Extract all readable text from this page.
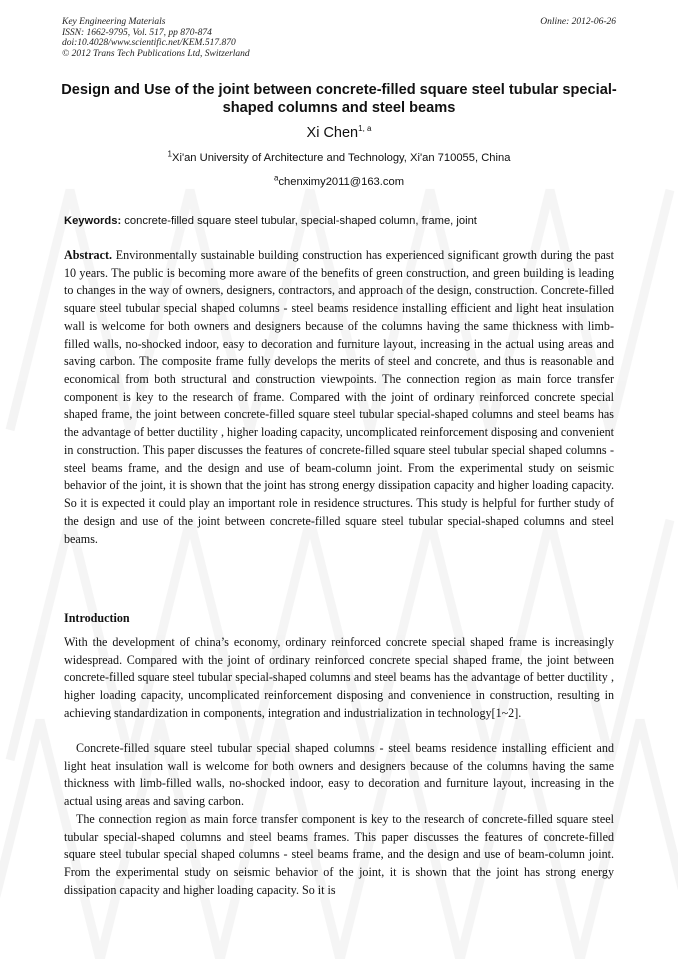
Key Engineering Materials
ISSN: 1662-9795, Vol. 517, pp 870-874
doi:10.4028/www.scientific.net/KEM.517.870
© 2012 Trans Tech Publications Ltd, Switzerland
Online: 2012-06-26
Design and Use of the joint between concrete-filled square steel tubular special-shaped columns and steel beams
Xi Chen$^{1, a}$
$^1$Xi'an University of Architecture and Technology, Xi'an 710055, China
$^a$chenximy2011@163.com
Keywords: concrete-filled square steel tubular, special-shaped column, frame, joint

Abstract. Environmentally sustainable building construction has experienced significant growth during the past 10 years. The public is becoming more aware of the benefits of green construction, and green building is leading to changes in the way of owners, designers, contractors, and approach of the design, construction. Concrete-filled square steel tubular special shaped columns - steel beams residence installing efficient and light heat insulation wall is welcome for both owners and designers because of the columns having the same thickness with limb-filled walls, no-shocked indoor, easy to decoration and furniture layout, increasing in the actual using areas and saving carbon. The composite frame fully develops the merits of steel and concrete, and thus is reasonable and economical from both structural and construction viewpoints. The connection region as main force transfer component is key to the research of frame. Compared with the joint of ordinary reinforced concrete special shaped frame, the joint between concrete-filled square steel tubular special-shaped columns and steel beams has the advantage of better ductility , higher loading capacity, uncomplicated reinforcement disposing and convenient in construction. This paper discusses the features of concrete-filled square steel tubular special shaped columns - steel beams frame, and the design and use of beam-column joint. From the experimental study on seismic behavior of the joint, it is shown that the joint has strong energy dissipation capacity and higher loading capacity. So it is expected it could play an important role in residence structures. This study is helpful for further study of the design and use of the joint between concrete-filled square steel tubular special-shaped columns and steel beams.

Introduction

With the development of china’s economy, ordinary reinforced concrete special shaped frame is increasingly widespread. Compared with the joint of ordinary reinforced concrete special shaped frame, the joint between concrete-filled square steel tubular special-shaped columns and steel beams has the advantage of better ductility , higher loading capacity, uncomplicated reinforcement disposing and convenience in construction, resulting in achieving standardization in components, integration and industrialization in technology[1~2].

Concrete-filled square steel tubular special shaped columns - steel beams residence installing efficient and light heat insulation wall is welcome for both owners and designers because of the columns having the same thickness with limb-filled walls, no-shocked indoor, easy to decoration and furniture layout, increasing in the actual using areas and saving carbon.

The connection region as main force transfer component is key to the research of concrete-filled square steel tubular special-shaped columns and steel beams frames. This paper discusses the features of concrete-filled square steel tubular special shaped columns - steel beams frame, and the design and use of beam-column joint. From the experimental study on seismic behavior of the joint, it is shown that the joint has strong energy dissipation capacity and higher loading capacity. So it is
